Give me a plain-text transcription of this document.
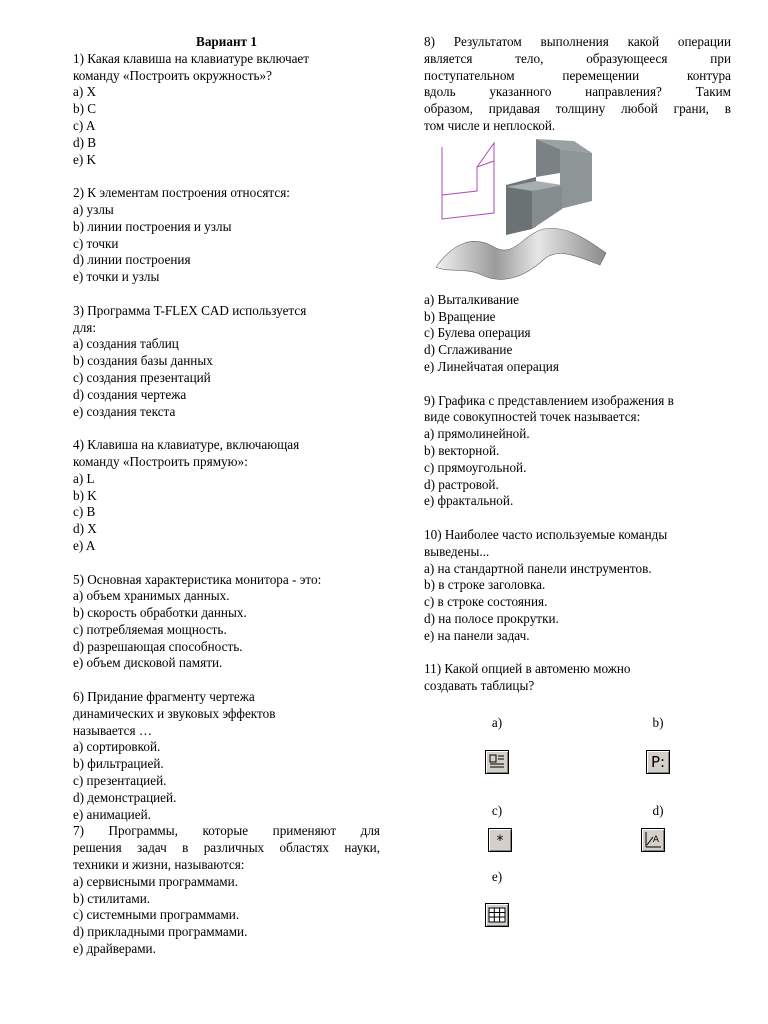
Вариант 1
1) Какая клавиша на клавиатуре включает
команду «Построить окружность»?
a) X
b) C
c) A
d) B
e) K
2) К элементам построения относятся:
a) узлы
b) линии построения и узлы
c) точки
d) линии построения
e) точки и узлы
3) Программа T-FLEX CAD используется
для:
a) создания таблиц
b) создания базы данных
c) создания презентаций
d) создания чертежа
e) создания текста
4) Клавиша на клавиатуре, включающая
команду «Построить прямую»:
a) L
b) K
c) B
d) X
e) A
5) Основная характеристика монитора - это:
a) объем хранимых данных.
b) скорость обработки данных.
c) потребляемая мощность.
d) разрешающая способность.
e) объем дисковой памяти.
6) Придание фрагменту чертежа
динамических и звуковых эффектов
называется …
a) сортировкой.
b) фильтрацией.
c) презентацией.
d) демонстрацией.
e) анимацией.
7) Программы, которые применяют для
решения задач в различных областях науки,
техники и жизни, называются:
a) сервисными программами.
b) стилитами.
c) системными программами.
d) прикладными программами.
e) драйверами.
8) Результатом выполнения какой операции
является тело, образующееся при
поступательном перемещении контура
вдоль указанного направления? Таким
образом, придавая толщину любой грани, в
том числе и неплоской.
a) Выталкивание
b) Вращение
c) Булева операция
d) Сглаживание
e) Линейчатая операция
9) Графика с представлением изображения в
виде совокупностей точек называется:
a) прямолинейной.
b) векторной.
c) прямоугольной.
d) растровой.
e) фрактальной.
10) Наиболее часто используемые команды
выведены...
a) на стандартной панели инструментов.
b) в строке заголовка.
c) в строке состояния.
d) на полосе прокрутки.
e) на панели задач.
11) Какой опцией в автоменю можно
создавать таблицы?
a)	b)
P:
c)
*
d)
A
e)
